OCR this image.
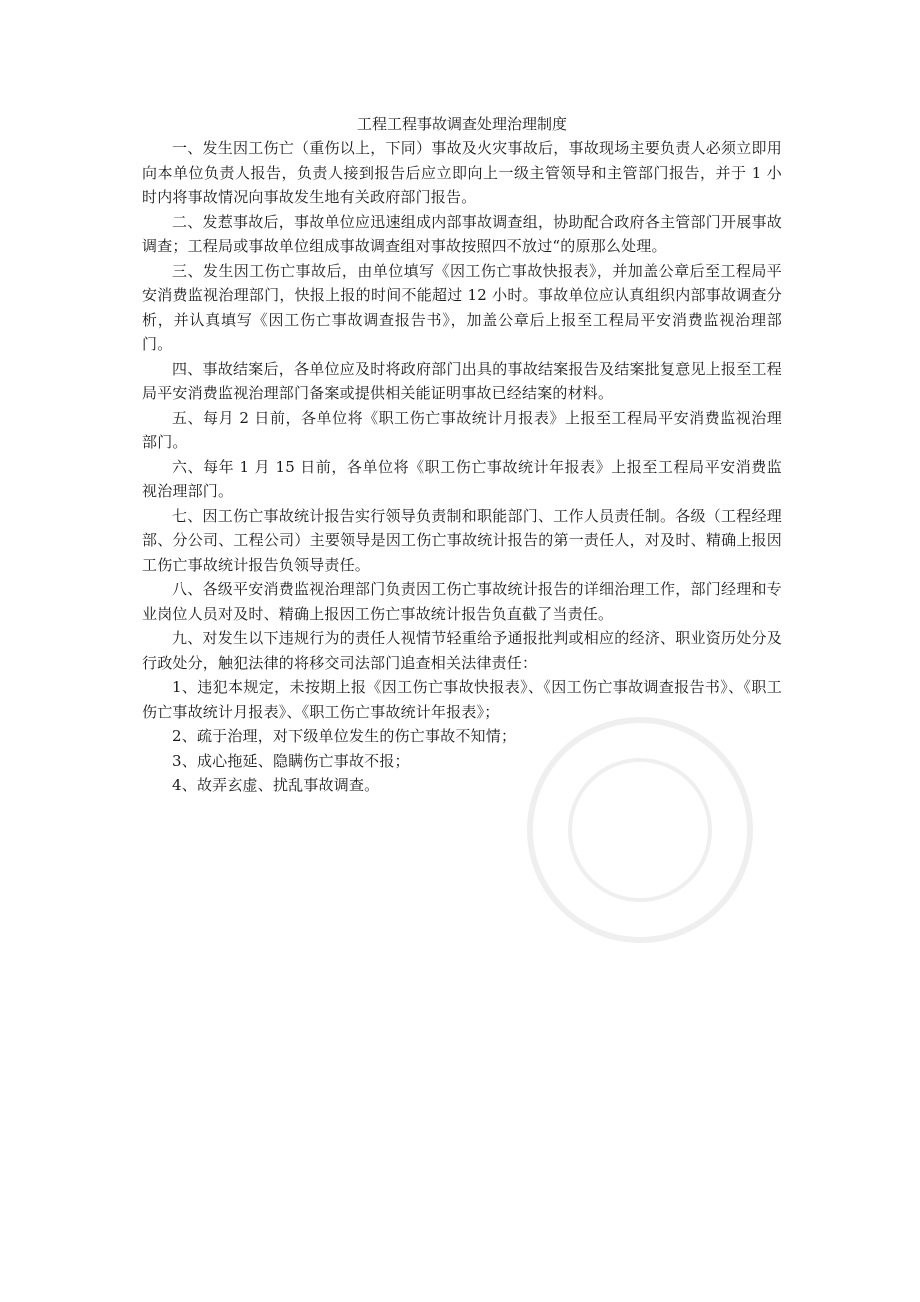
工程工程事故调查处理治理制度

一、发生因工伤亡（重伤以上，下同）事故及火灾事故后，事故现场主要负责人必须立即用向本单位负责人报告，负责人接到报告后应立即向上一级主管领导和主管部门报告，并于 1 小时内将事故情况向事故发生地有关政府部门报告。

二、发惹事故后，事故单位应迅速组成内部事故调查组，协助配合政府各主管部门开展事故调查；工程局或事故单位组成事故调查组对事故按照四不放过“的原那么处理。

三、发生因工伤亡事故后，由单位填写《因工伤亡事故快报表》，并加盖公章后至工程局平安消费监视治理部门，快报上报的时间不能超过 12 小时。事故单位应认真组织内部事故调查分析，并认真填写《因工伤亡事故调查报告书》，加盖公章后上报至工程局平安消费监视治理部门。

四、事故结案后，各单位应及时将政府部门出具的事故结案报告及结案批复意见上报至工程局平安消费监视治理部门备案或提供相关能证明事故已经结案的材料。

五、每月 2 日前，各单位将《职工伤亡事故统计月报表》上报至工程局平安消费监视治理部门。

六、每年 1 月 15 日前，各单位将《职工伤亡事故统计年报表》上报至工程局平安消费监视治理部门。

七、因工伤亡事故统计报告实行领导负责制和职能部门、工作人员责任制。各级（工程经理部、分公司、工程公司）主要领导是因工伤亡事故统计报告的第一责任人，对及时、精确上报因工伤亡事故统计报告负领导责任。

八、各级平安消费监视治理部门负责因工伤亡事故统计报告的详细治理工作，部门经理和专业岗位人员对及时、精确上报因工伤亡事故统计报告负直截了当责任。

九、对发生以下违规行为的责任人视情节轻重给予通报批判或相应的经济、职业资历处分及行政处分，触犯法律的将移交司法部门追查相关法律责任：

1、违犯本规定，未按期上报《因工伤亡事故快报表》、《因工伤亡事故调查报告书》、《职工伤亡事故统计月报表》、《职工伤亡事故统计年报表》；

2、疏于治理，对下级单位发生的伤亡事故不知情；

3、成心拖延、隐瞒伤亡事故不报；

4、故弄玄虚、扰乱事故调查。
